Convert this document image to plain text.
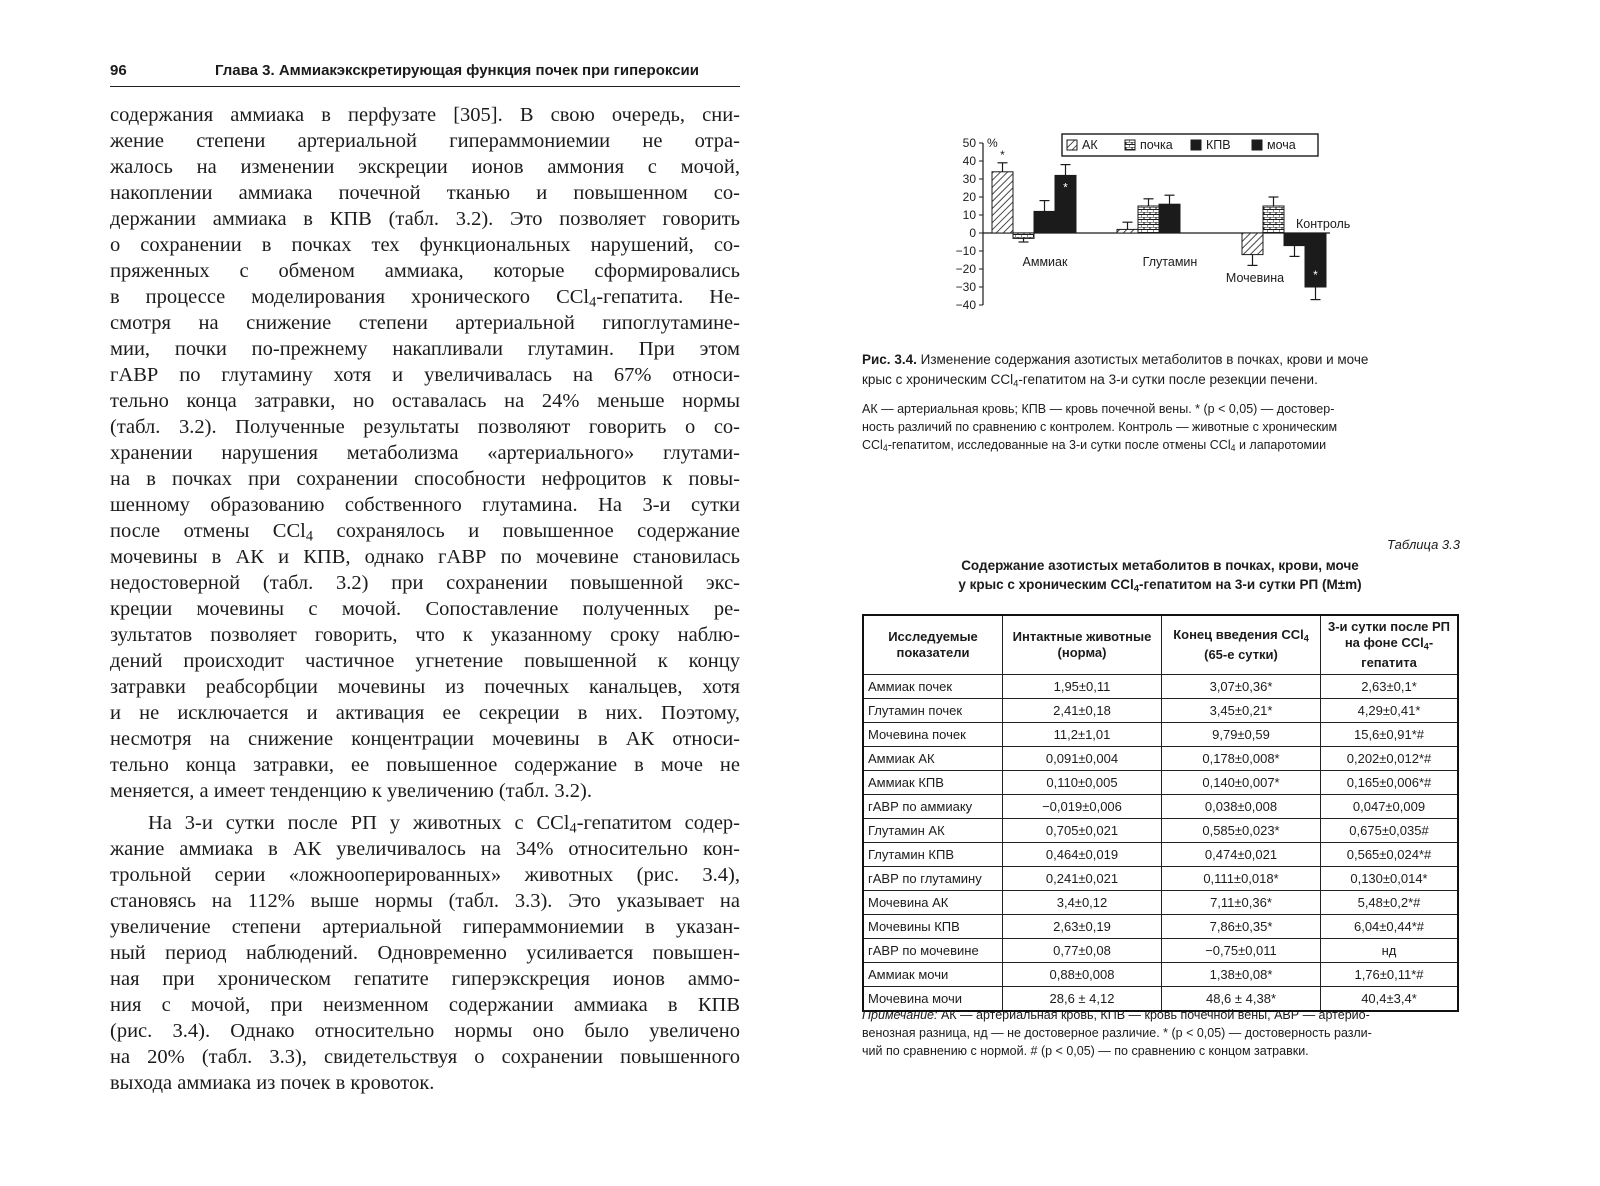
96	Глава 3. Аммиакэкскретирующая функция почек при гипероксии
содержания аммиака в перфузате [305]. В свою очередь, сни-
жение степени артериальной гипераммониемии не отра-
жалось на изменении экскреции ионов аммония с мочой,
накоплении аммиака почечной тканью и повышенном со-
держании аммиака в КПВ (табл. 3.2). Это позволяет говорить
о сохранении в почках тех функциональных нарушений, со-
пряженных с обменом аммиака, которые сформировались
в процессе моделирования хронического CCl$_4$-гепатита. Не-
смотря на снижение степени артериальной гипоглутамине-
мии, почки по-прежнему накапливали глутамин. При этом
гАВР по глутамину хотя и увеличивалась на 67% относи-
тельно конца затравки, но оставалась на 24% меньше нормы
(табл. 3.2). Полученные результаты позволяют говорить о со-
хранении нарушения метаболизма «артериального» глутами-
на в почках при сохранении способности нефроцитов к повы-
шенному образованию собственного глутамина. На 3-и сутки
после отмены CCl$_4$ сохранялось и повышенное содержание
мочевины в АК и КПВ, однако гАВР по мочевине становилась
недостоверной (табл. 3.2) при сохранении повышенной экс-
креции мочевины с мочой. Сопоставление полученных ре-
зультатов позволяет говорить, что к указанному сроку наблю-
дений происходит частичное угнетение повышенной к концу
затравки реабсорбции мочевины из почечных канальцев, хотя
и не исключается и активация ее секреции в них. Поэтому,
несмотря на снижение концентрации мочевины в АК относи-
тельно конца затравки, ее повышенное содержание в моче не
меняется, а имеет тенденцию к увеличению (табл. 3.2).
На 3-и сутки после РП у животных с CCl$_4$-гепатитом содер-
жание аммиака в АК увеличивалось на 34% относительно кон-
трольной серии «ложнооперированных» животных (рис. 3.4),
становясь на 112% выше нормы (табл. 3.3). Это указывает на
увеличение степени артериальной гипераммониемии в указан-
ный период наблюдений. Одновременно усиливается повышен-
ная при хроническом гепатите гиперэкскреция ионов аммо-
ния с мочой, при неизменном содержании аммиака в КПВ
(рис. 3.4). Однако относительно нормы оно было увеличено
на 20% (табл. 3.3), свидетельствуя о сохранении повышенного
выхода аммиака из почек в кровоток.
50
40
30
20
10
0
−10
−20
−30
−40
%
*
*
*
Аммиак	Глутамин
Мочевина
Контроль
АК	почка	КПВ	моча
Рис. 3.4. Изменение содержания азотистых метаболитов в почках, крови и моче
крыс с хроническим CCl$_4$-гепатитом на 3-и сутки после резекции печени.
АК — артериальная кровь; КПВ — кровь почечной вены. * (р < 0,05) — достовер-
ность различий по сравнению с контролем. Контроль — животные с хроническим
CCl$_4$-гепатитом, исследованные на 3-и сутки после отмены CCl$_4$ и лапаротомии
Таблица 3.3
Содержание азотистых метаболитов в почках, крови, моче
у крыс с хроническим CCl$_4$-гепатитом на 3-и сутки РП (M±m)
Исследуемые показатели	Интактные животные (норма)	Конец введения CCl$_4$ (65-е сутки)	3-и сутки после РП на фоне CCl$_4$-гепатита
Аммиак почек	1,95±0,11	3,07±0,36*	2,63±0,1*
Глутамин почек	2,41±0,18	3,45±0,21*	4,29±0,41*
Мочевина почек	11,2±1,01	9,79±0,59	15,6±0,91*#
Аммиак АК	0,091±0,004	0,178±0,008*	0,202±0,012*#
Аммиак КПВ	0,110±0,005	0,140±0,007*	0,165±0,006*#
гАВР по аммиаку	−0,019±0,006	0,038±0,008	0,047±0,009
Глутамин АК	0,705±0,021	0,585±0,023*	0,675±0,035#
Глутамин КПВ	0,464±0,019	0,474±0,021	0,565±0,024*#
гАВР по глутамину	0,241±0,021	0,111±0,018*	0,130±0,014*
Мочевина АК	3,4±0,12	7,11±0,36*	5,48±0,2*#
Мочевины КПВ	2,63±0,19	7,86±0,35*	6,04±0,44*#
гАВР по мочевине	0,77±0,08	−0,75±0,011	нд
Аммиак мочи	0,88±0,008	1,38±0,08*	1,76±0,11*#
Мочевина мочи	28,6 ± 4,12	48,6 ± 4,38*	40,4±3,4*
Примечание: АК — артериальная кровь, КПВ — кровь почечной вены, АВР — артерио-
венозная разница, нд — не достоверное различие. * (р < 0,05) — достоверность разли-
чий по сравнению с нормой. # (р < 0,05) — по сравнению с концом затравки.
